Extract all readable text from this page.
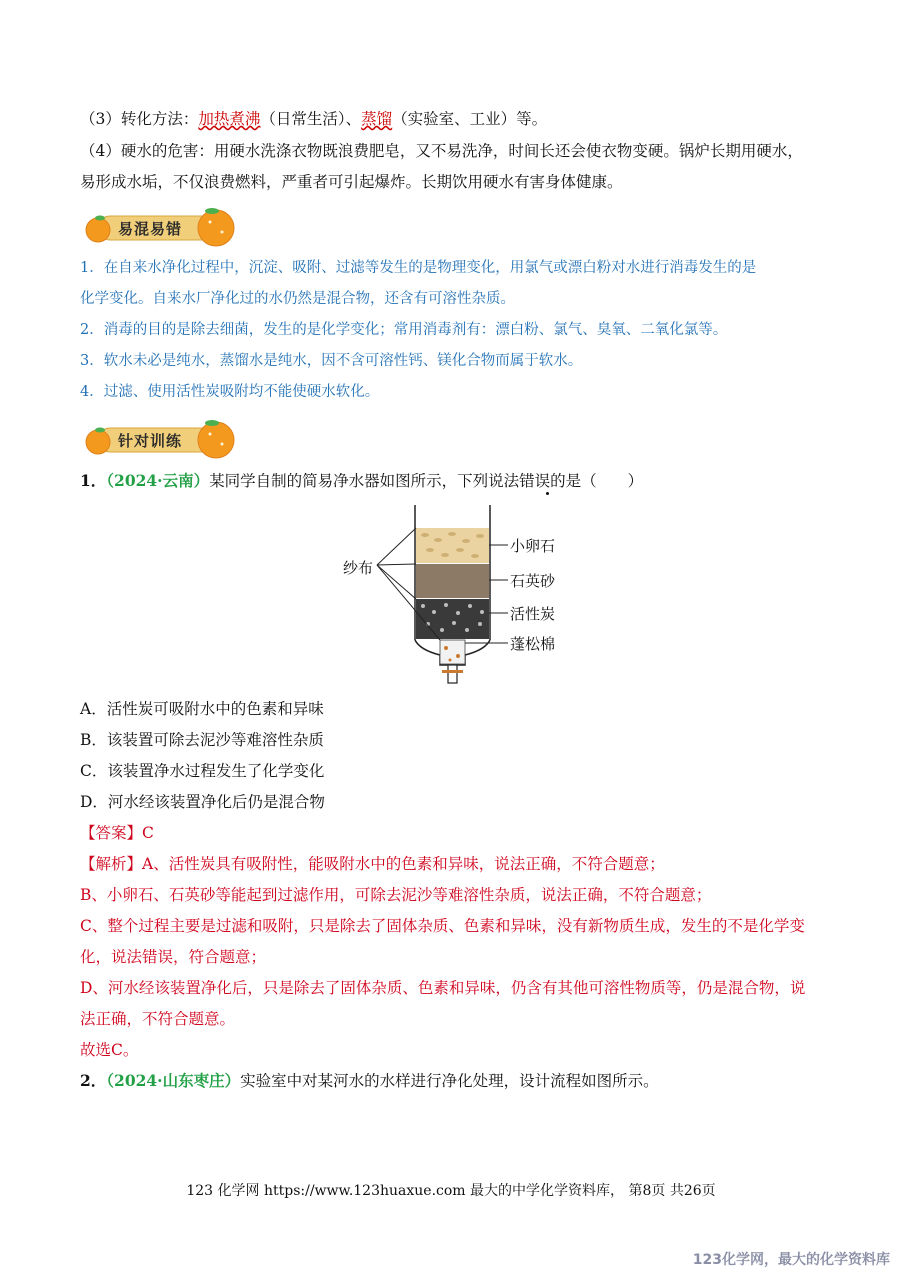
（3）转化方法：加热煮沸（日常生活）、蒸馏（实验室、工业）等。
（4）硬水的危害：用硬水洗涤衣物既浪费肥皂，又不易洗净，时间长还会使衣物变硬。锅炉长期用硬水，
易形成水垢，不仅浪费燃料，严重者可引起爆炸。长期饮用硬水有害身体健康。
易混易错
1．在自来水净化过程中，沉淀、吸附、过滤等发生的是物理变化，用氯气或漂白粉对水进行消毒发生的是
化学变化。自来水厂净化过的水仍然是混合物，还含有可溶性杂质。
2．消毒的目的是除去细菌，发生的是化学变化；常用消毒剂有：漂白粉、氯气、臭氧、二氧化氯等。
3．软水未必是纯水，蒸馏水是纯水，因不含可溶性钙、镁化合物而属于软水。
4．过滤、使用活性炭吸附均不能使硬水软化。
针对训练
1．（2024·云南）某同学自制的简易净水器如图所示，下列说法错误的是（　　）
纱布
小卵石
石英砂
活性炭
蓬松棉
A．活性炭可吸附水中的色素和异味
B．该装置可除去泥沙等难溶性杂质
C．该装置净水过程发生了化学变化
D．河水经该装置净化后仍是混合物
【答案】C
【解析】A、活性炭具有吸附性，能吸附水中的色素和异味，说法正确，不符合题意；
B、小卵石、石英砂等能起到过滤作用，可除去泥沙等难溶性杂质，说法正确，不符合题意；
C、整个过程主要是过滤和吸附，只是除去了固体杂质、色素和异味，没有新物质生成，发生的不是化学变
化，说法错误，符合题意；
D、河水经该装置净化后，只是除去了固体杂质、色素和异味，仍含有其他可溶性物质等，仍是混合物，说
法正确，不符合题意。
故选C。
2．（2024·山东枣庄）实验室中对某河水的水样进行净化处理，设计流程如图所示。
123 化学网 https://www.123huaxue.com 最大的中学化学资料库， 第8页 共26页
123化学网，最大的化学资料库
